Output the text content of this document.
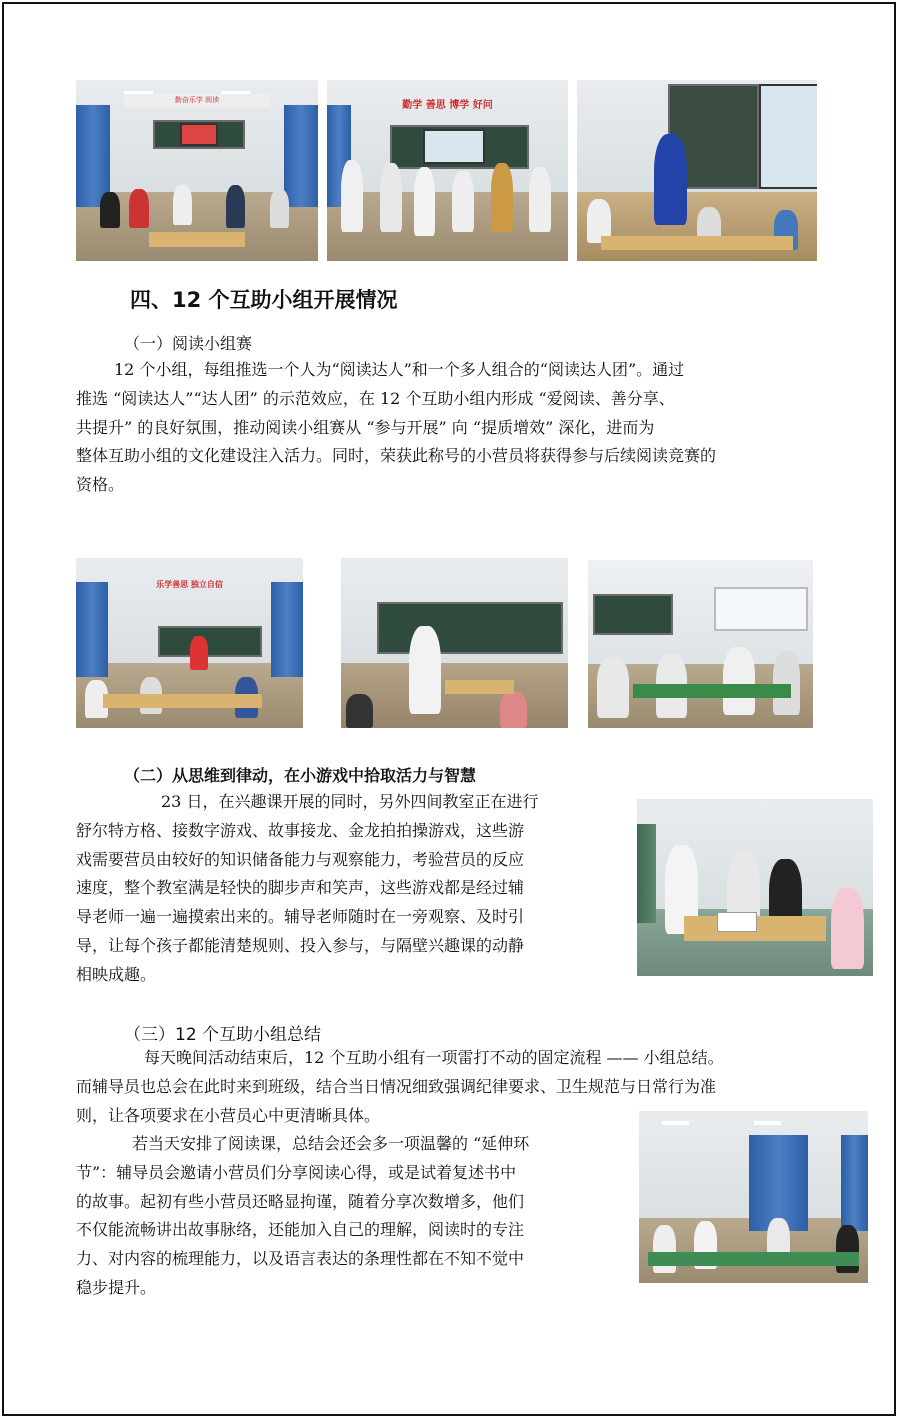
勤奋乐学 阅读	勤学 善思 博学 好问
四、12 个互助小组开展情况
（一）阅读小组赛

12 个小组，每组推选一个人为“阅读达人”和一个多人组合的“阅读达人团”。通过
推选 “阅读达人”“达人团” 的示范效应，在 12 个互助小组内形成 “爱阅读、善分享、
共提升” 的良好氛围，推动阅读小组赛从 “参与开展” 向 “提质增效” 深化，进而为
整体互助小组的文化建设注入活力。同时，荣获此称号的小营员将获得参与后续阅读竞赛的
资格。

乐学善思 独立自信
（二）从思维到律动，在小游戏中拾取活力与智慧

23 日，在兴趣课开展的同时，另外四间教室正在进行
舒尔特方格、接数字游戏、故事接龙、金龙拍拍操游戏，这些游
戏需要营员由较好的知识储备能力与观察能力，考验营员的反应
速度，整个教室满是轻快的脚步声和笑声，这些游戏都是经过辅
导老师一遍一遍摸索出来的。辅导老师随时在一旁观察、及时引
导，让每个孩子都能清楚规则、投入参与，与隔壁兴趣课的动静
相映成趣。

（三）12 个互助小组总结

每天晚间活动结束后，12 个互助小组有一项雷打不动的固定流程 —— 小组总结。
而辅导员也总会在此时来到班级，结合当日情况细致强调纪律要求、卫生规范与日常行为准
则，让各项要求在小营员心中更清晰具体。

若当天安排了阅读课，总结会还会多一项温馨的 “延伸环
节”：辅导员会邀请小营员们分享阅读心得，或是试着复述书中
的故事。起初有些小营员还略显拘谨，随着分享次数增多，他们
不仅能流畅讲出故事脉络，还能加入自己的理解，阅读时的专注
力、对内容的梳理能力，以及语言表达的条理性都在不知不觉中
稳步提升。
